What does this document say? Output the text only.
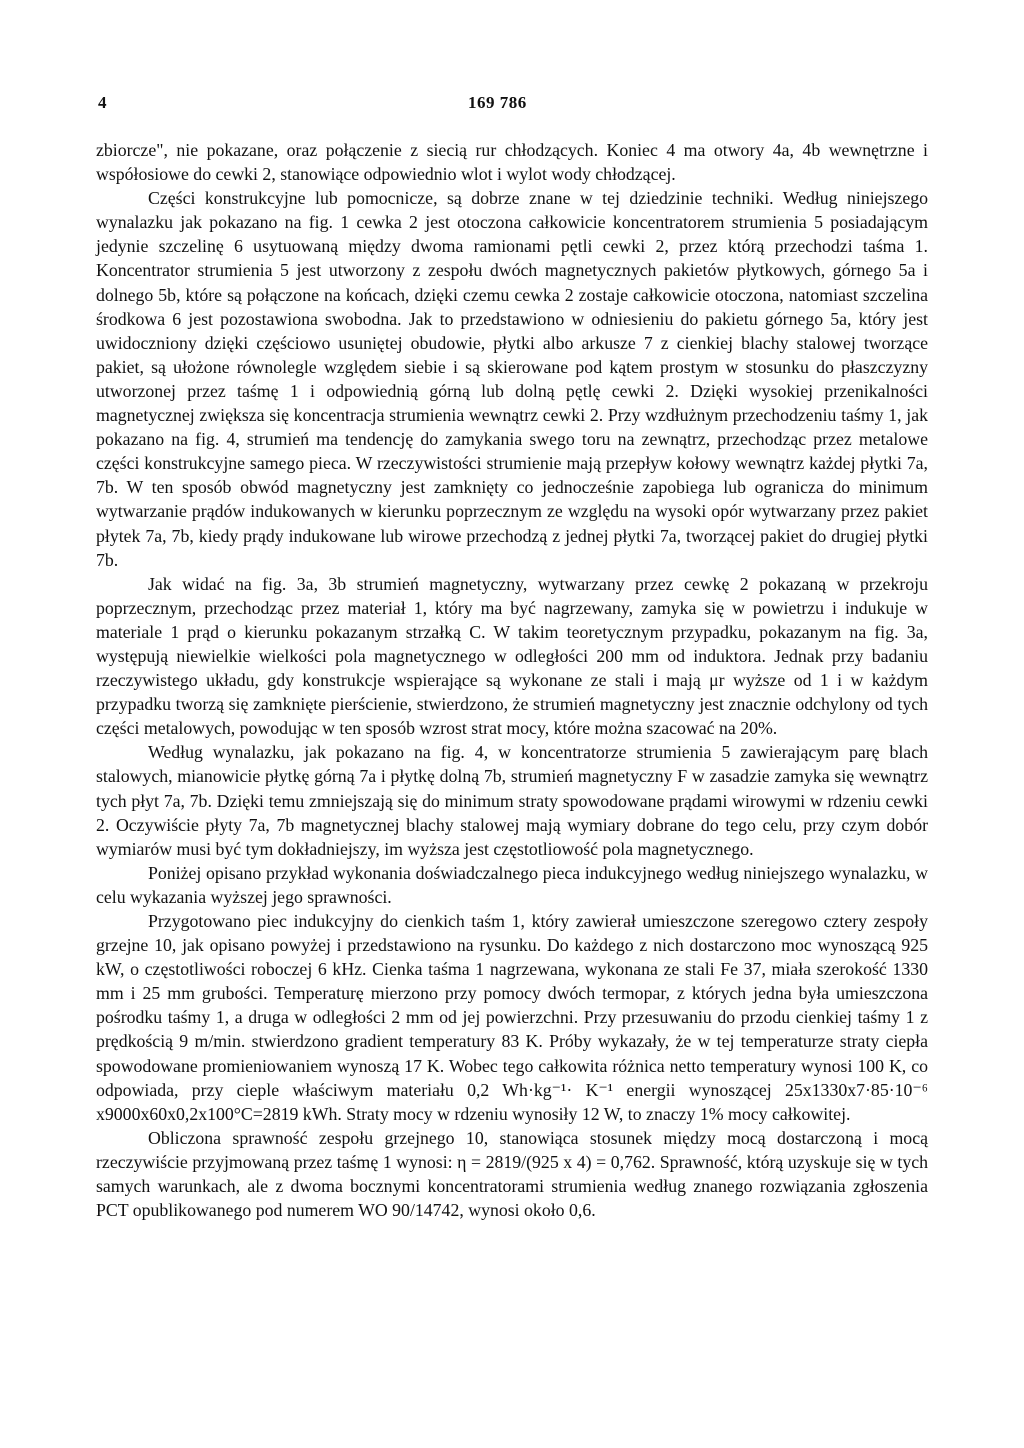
4	169 786

zbiorcze", nie pokazane, oraz połączenie z siecią rur chłodzących. Koniec 4 ma otwory 4a, 4b wewnętrzne i współosiowe do cewki 2, stanowiące odpowiednio wlot i wylot wody chłodzącej.

Części konstrukcyjne lub pomocnicze, są dobrze znane w tej dziedzinie techniki. Według niniejszego wynalazku jak pokazano na fig. 1 cewka 2 jest otoczona całkowicie koncentratorem strumienia 5 posiadającym jedynie szczelinę 6 usytuowaną między dwoma ramionami pętli cewki 2, przez którą przechodzi taśma 1. Koncentrator strumienia 5 jest utworzony z zespołu dwóch magnetycznych pakietów płytkowych, górnego 5a i dolnego 5b, które są połączone na końcach, dzięki czemu cewka 2 zostaje całkowicie otoczona, natomiast szczelina środkowa 6 jest pozostawiona swobodna. Jak to przedstawiono w odniesieniu do pakietu górnego 5a, który jest uwidoczniony dzięki częściowo usuniętej obudowie, płytki albo arkusze 7 z cienkiej blachy stalowej tworzące pakiet, są ułożone równolegle względem siebie i są skierowane pod kątem prostym w stosunku do płaszczyzny utworzonej przez taśmę 1 i odpowiednią górną lub dolną pętlę cewki 2. Dzięki wysokiej przenikalności magnetycznej zwiększa się koncentracja strumienia wewnątrz cewki 2. Przy wzdłużnym przechodzeniu taśmy 1, jak pokazano na fig. 4, strumień ma tendencję do zamykania swego toru na zewnątrz, przechodząc przez metalowe części konstrukcyjne samego pieca. W rzeczywistości strumienie mają przepływ kołowy wewnątrz każdej płytki 7a, 7b. W ten sposób obwód magnetyczny jest zamknięty co jednocześnie zapobiega lub ogranicza do minimum wytwarzanie prądów indukowanych w kierunku poprzecznym ze względu na wysoki opór wytwarzany przez pakiet płytek 7a, 7b, kiedy prądy indukowane lub wirowe przechodzą z jednej płytki 7a, tworzącej pakiet do drugiej płytki 7b.

Jak widać na fig. 3a, 3b strumień magnetyczny, wytwarzany przez cewkę 2 pokazaną w przekroju poprzecznym, przechodząc przez materiał 1, który ma być nagrzewany, zamyka się w powietrzu i indukuje w materiale 1 prąd o kierunku pokazanym strzałką C. W takim teoretycznym przypadku, pokazanym na fig. 3a, występują niewielkie wielkości pola magnetycznego w odległości 200 mm od induktora. Jednak przy badaniu rzeczywistego układu, gdy konstrukcje wspierające są wykonane ze stali i mają μr wyższe od 1 i w każdym przypadku tworzą się zamknięte pierścienie, stwierdzono, że strumień magnetyczny jest znacznie odchylony od tych części metalowych, powodując w ten sposób wzrost strat mocy, które można szacować na 20%.

Według wynalazku, jak pokazano na fig. 4, w koncentratorze strumienia 5 zawierającym parę blach stalowych, mianowicie płytkę górną 7a i płytkę dolną 7b, strumień magnetyczny F w zasadzie zamyka się wewnątrz tych płyt 7a, 7b. Dzięki temu zmniejszają się do minimum straty spowodowane prądami wirowymi w rdzeniu cewki 2. Oczywiście płyty 7a, 7b magnetycznej blachy stalowej mają wymiary dobrane do tego celu, przy czym dobór wymiarów musi być tym dokładniejszy, im wyższa jest częstotliowość pola magnetycznego.

Poniżej opisano przykład wykonania doświadczalnego pieca indukcyjnego według niniejszego wynalazku, w celu wykazania wyższej jego sprawności.

Przygotowano piec indukcyjny do cienkich taśm 1, który zawierał umieszczone szeregowo cztery zespoły grzejne 10, jak opisano powyżej i przedstawiono na rysunku. Do każdego z nich dostarczono moc wynoszącą 925 kW, o częstotliwości roboczej 6 kHz. Cienka taśma 1 nagrzewana, wykonana ze stali Fe 37, miała szerokość 1330 mm i 25 mm grubości. Temperaturę mierzono przy pomocy dwóch termopar, z których jedna była umieszczona pośrodku taśmy 1, a druga w odległości 2 mm od jej powierzchni. Przy przesuwaniu do przodu cienkiej taśmy 1 z prędkością 9 m/min. stwierdzono gradient temperatury 83 K. Próby wykazały, że w tej temperaturze straty ciepła spowodowane promieniowaniem wynoszą 17 K. Wobec tego całkowita różnica netto temperatury wynosi 100 K, co odpowiada, przy cieple właściwym materiału 0,2 Wh·kg⁻¹· K⁻¹ energii wynoszącej 25x1330x7·85·10⁻⁶ x9000x60x0,2x100°C=2819 kWh. Straty mocy w rdzeniu wynosiły 12 W, to znaczy 1% mocy całkowitej.

Obliczona sprawność zespołu grzejnego 10, stanowiąca stosunek między mocą dostarczoną i mocą rzeczywiście przyjmowaną przez taśmę 1 wynosi: η = 2819/(925 x 4) = 0,762. Sprawność, którą uzyskuje się w tych samych warunkach, ale z dwoma bocznymi koncentratorami strumienia według znanego rozwiązania zgłoszenia PCT opublikowanego pod numerem WO 90/14742, wynosi około 0,6.
